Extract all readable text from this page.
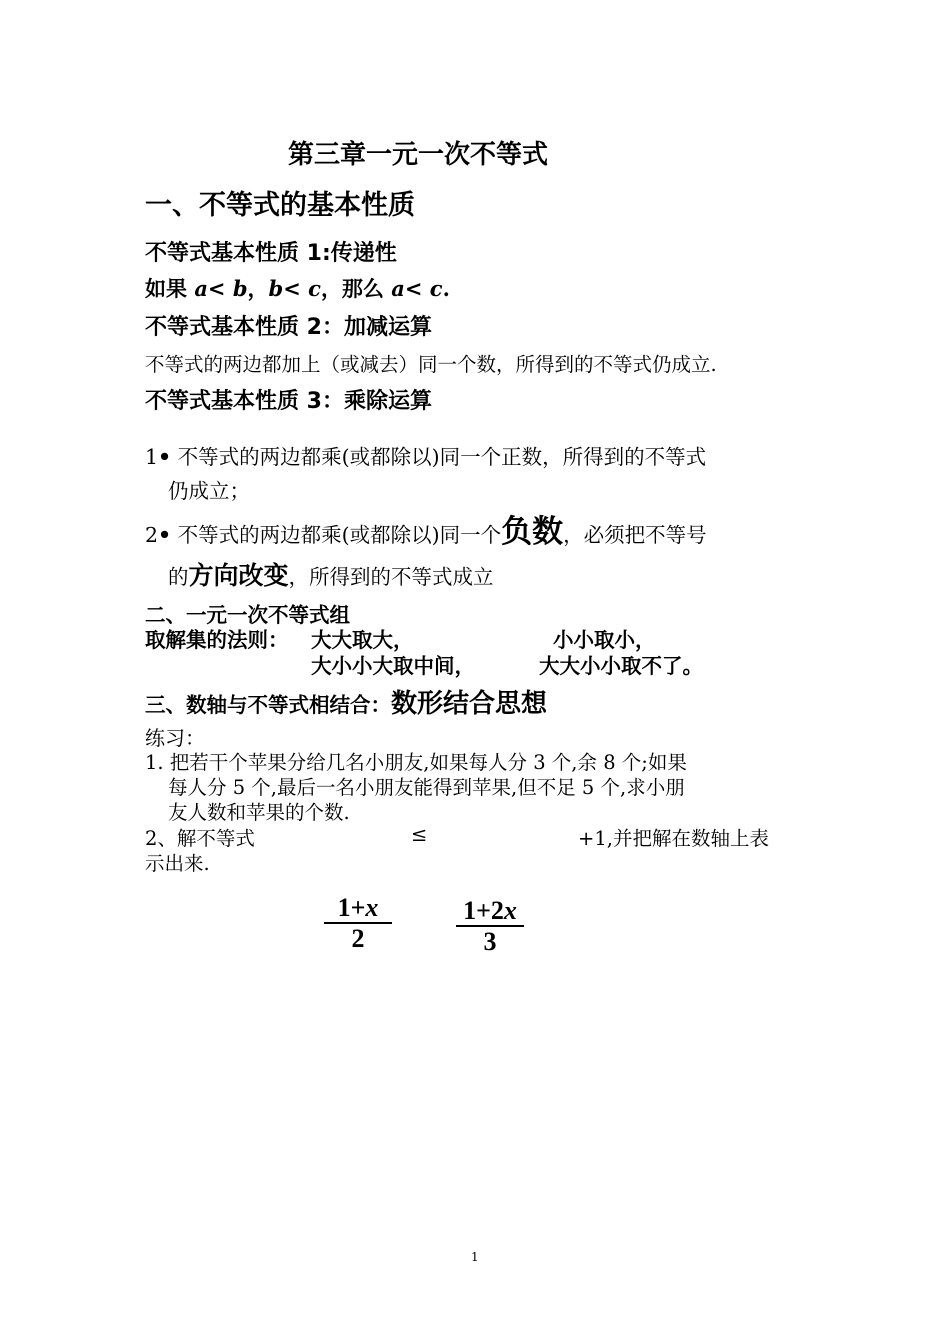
第三章一元一次不等式
一、不等式的基本性质
不等式基本性质 1:传递性
如果 a< b，b< c，那么 a< c.
不等式基本性质 2：加减运算
不等式的两边都加上（或减去）同一个数，所得到的不等式仍成立.
不等式基本性质 3：乘除运算
1• 不等式的两边都乘(或都除以)同一个正数，所得到的不等式
仍成立；
2• 不等式的两边都乘(或都除以)同一个负数，必须把不等号
的方向改变，所得到的不等式成立
二、一元一次不等式组
取解集的法则： 大大取大，	小小取小，
大小小大取中间，	大大小小取不了。
三、数轴与不等式相结合：数形结合思想
练习：
1. 把若干个苹果分给几名小朋友,如果每人分 3 个,余 8 个;如果
每人分 5 个,最后一名小朋友能得到苹果,但不足 5 个,求小朋
友人数和苹果的个数.
2、解不等式	≤	+1,并把解在数轴上表
示出来.
1+x
2
1+2x
3
1
